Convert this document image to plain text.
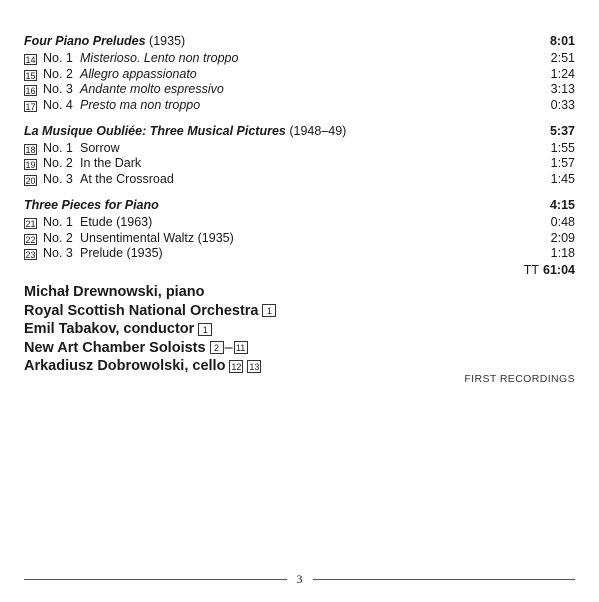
Four Piano Preludes (1935)	8:01
14 No. 1 Misterioso. Lento non troppo	2:51
15 No. 2 Allegro appassionato	1:24
16 No. 3 Andante molto espressivo	3:13
17 No. 4 Presto ma non troppo	0:33
La Musique Oubliée: Three Musical Pictures (1948–49)	5:37
18 No. 1 Sorrow	1:55
19 No. 2 In the Dark	1:57
20 No. 3 At the Crossroad	1:45
Three Pieces for Piano	4:15
21 No. 1 Etude (1963)	0:48
22 No. 2 Unsentimental Waltz (1935)	2:09
23 No. 3 Prelude (1935)	1:18
TT 61:04
Michał Drewnowski, piano
Royal Scottish National Orchestra 1
Emil Tabakov, conductor 1
New Art Chamber Soloists 2 – 11
Arkadiusz Dobrowolski, cello 12 13
FIRST RECORDINGS
3
